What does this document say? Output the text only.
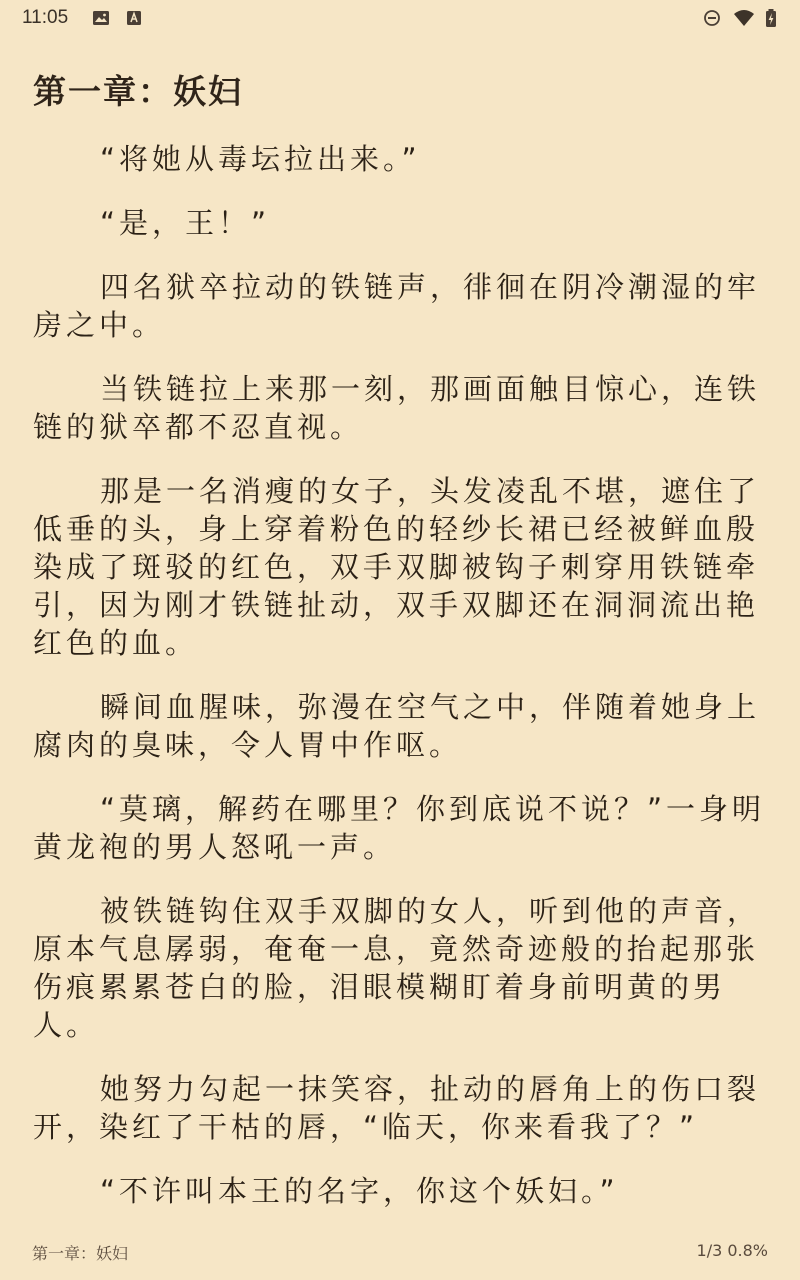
11:05
第一章：妖妇

“将她从毒坛拉出来。”

“是，王！”

四名狱卒拉动的铁链声，徘徊在阴冷潮湿的牢房之中。

当铁链拉上来那一刻，那画面触目惊心，连铁链的狱卒都不忍直视。

那是一名消瘦的女子，头发凌乱不堪，遮住了低垂的头，身上穿着粉色的轻纱长裙已经被鲜血殷染成了斑驳的红色，双手双脚被钩子刺穿用铁链牵引，因为刚才铁链扯动，双手双脚还在洞洞流出艳红色的血。

瞬间血腥味，弥漫在空气之中，伴随着她身上腐肉的臭味，令人胃中作呕。

“莫璃，解药在哪里？你到底说不说？”一身明黄龙袍的男人怒吼一声。

被铁链钩住双手双脚的女人，听到他的声音，原本气息孱弱，奄奄一息，竟然奇迹般的抬起那张伤痕累累苍白的脸，泪眼模糊盯着身前明黄的男人。

她努力勾起一抹笑容，扯动的唇角上的伤口裂开，染红了干枯的唇，“临天，你来看我了？”

“不许叫本王的名字，你这个妖妇。”

第一章：妖妇	1/3 0.8%
